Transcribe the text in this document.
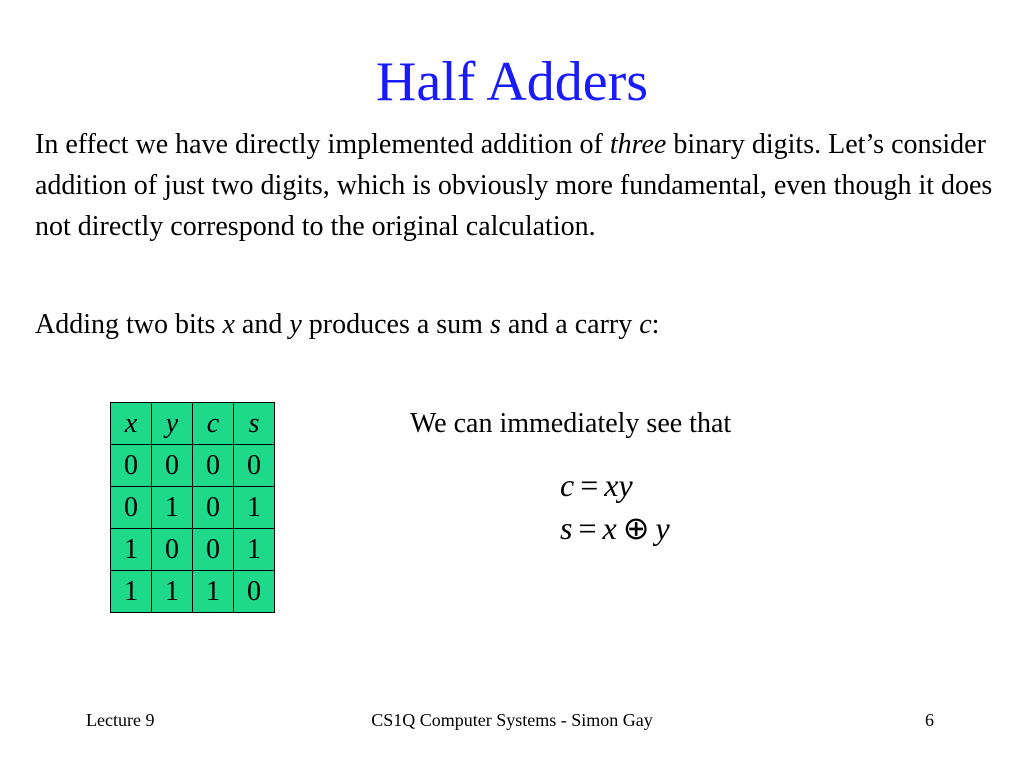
Half Adders

In effect we have directly implemented addition of three binary digits. Let’s consider addition of just two digits, which is obviously more fundamental, even though it does not directly correspond to the original calculation.

Adding two bits x and y produces a sum s and a carry c:

x	y	c	s
0	0	0	0
0	1	0	1
1	0	0	1
1	1	1	0
We can immediately see that
c = xy
s = x ⊕ y
CS1Q Computer Systems - Simon Gay
Lecture 9	6
